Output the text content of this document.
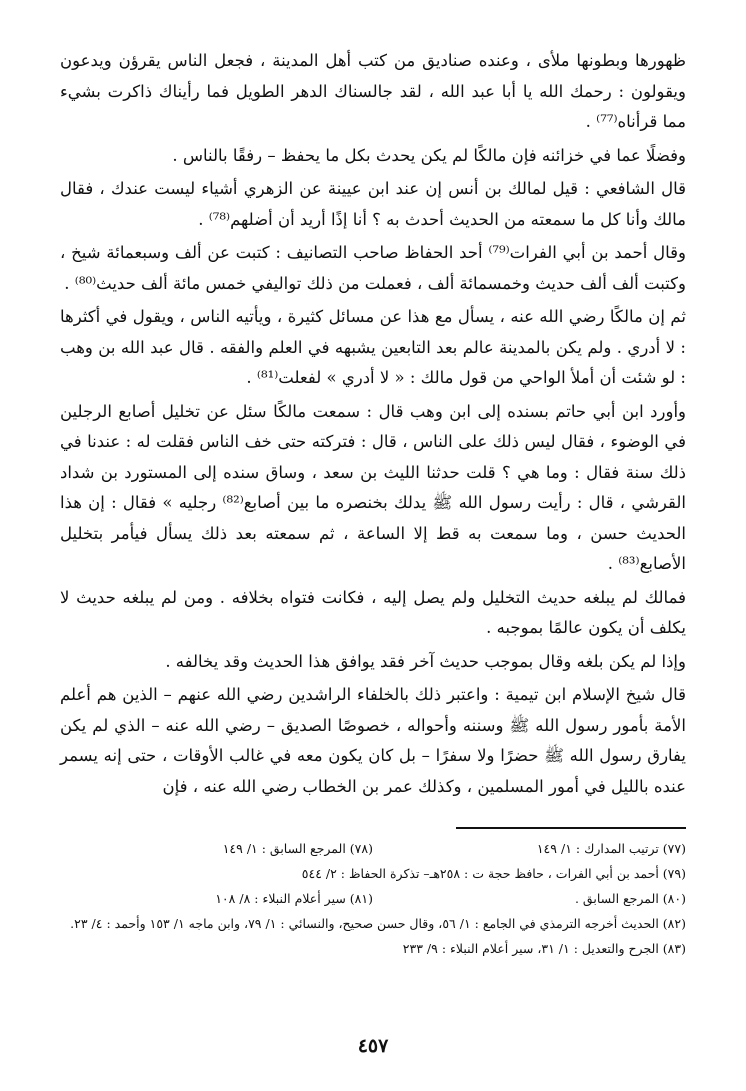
ظهورها وبطونها ملأى ، وعنده صناديق من كتب أهل المدينة ، فجعل الناس يقرؤن ويدعون ويقولون : رحمك الله يا أبا عبد الله ، لقد جالسناك الدهر الطويل فما رأيناك ذاكرت بشيء مما قرأناه⁽⁷⁷⁾ .

وفضلًا عما في خزائنه فإن مالكًا لم يكن يحدث بكل ما يحفظ – رفقًا بالناس .

قال الشافعي : قيل لمالك بن أنس إن عند ابن عيينة عن الزهري أشياء ليست عندك ، فقال مالك وأنا كل ما سمعته من الحديث أحدث به ؟ أنا إذًا أريد أن أضلهم⁽⁷⁸⁾ .

وقال أحمد بن أبي الفرات⁽⁷⁹⁾ أحد الحفاظ صاحب التصانيف : كتبت عن ألف وسبعمائة شيخ ، وكتبت ألف ألف حديث وخمسمائة ألف ، فعملت من ذلك تواليفي خمس مائة ألف حديث⁽⁸⁰⁾ .

ثم إن مالكًا رضي الله عنه ، يسأل مع هذا عن مسائل كثيرة ، ويأتيه الناس ، ويقول في أكثرها : لا أدري . ولم يكن بالمدينة عالم بعد التابعين يشبهه في العلم والفقه . قال عبد الله بن وهب : لو شئت أن أملأ الواحي من قول مالك : « لا أدري » لفعلت⁽⁸¹⁾ .

وأورد ابن أبي حاتم بسنده إلى ابن وهب قال : سمعت مالكًا سئل عن تخليل أصابع الرجلين في الوضوء ، فقال ليس ذلك على الناس ، قال : فتركته حتى خف الناس فقلت له : عندنا في ذلك سنة فقال : وما هي ؟ قلت حدثنا الليث بن سعد ، وساق سنده إلى المستورد بن شداد القرشي ، قال : رأيت رسول الله ﷺ يدلك بخنصره ما بين أصابع⁽⁸²⁾ رجليه » فقال : إن هذا الحديث حسن ، وما سمعت به قط إلا الساعة ، ثم سمعته بعد ذلك يسأل فيأمر بتخليل الأصابع⁽⁸³⁾ .

فمالك لم يبلغه حديث التخليل ولم يصل إليه ، فكانت فتواه بخلافه . ومن لم يبلغه حديث لا يكلف أن يكون عالمًا بموجبه .

وإذا لم يكن بلغه وقال بموجب حديث آخر فقد يوافق هذا الحديث وقد يخالفه .

قال شيخ الإسلام ابن تيمية : واعتبر ذلك بالخلفاء الراشدين رضي الله عنهم – الذين هم أعلم الأمة بأمور رسول الله ﷺ وسننه وأحواله ، خصوصًا الصديق – رضي الله عنه – الذي لم يكن يفارق رسول الله ﷺ حضرًا ولا سفرًا – بل كان يكون معه في غالب الأوقات ، حتى إنه يسمر عنده بالليل في أمور المسلمين ، وكذلك عمر بن الخطاب رضي الله عنه ، فإن

(٧٧) ترتيب المدارك : ١/ ١٤٩
(٧٨) المرجع السابق : ١/ ١٤٩
(٧٩) أحمد بن أبي الفرات ، حافظ حجة ت : ٢٥٨هـ– تذكرة الحفاظ : ٢/ ٥٤٤
(٨٠) المرجع السابق .
(٨١) سير أعلام النبلاء : ٨/ ١٠٨
(٨٢) الحديث أخرجه الترمذي في الجامع : ١/ ٥٦، وقال حسن صحيح، والنسائي : ١/ ٧٩، وابن ماجه ١/ ١٥٣ وأحمد : ٤/ ٢٣.
(٨٣) الجرح والتعديل : ١/ ٣١، سير أعلام النبلاء : ٩/ ٢٣٣
٤٥٧
